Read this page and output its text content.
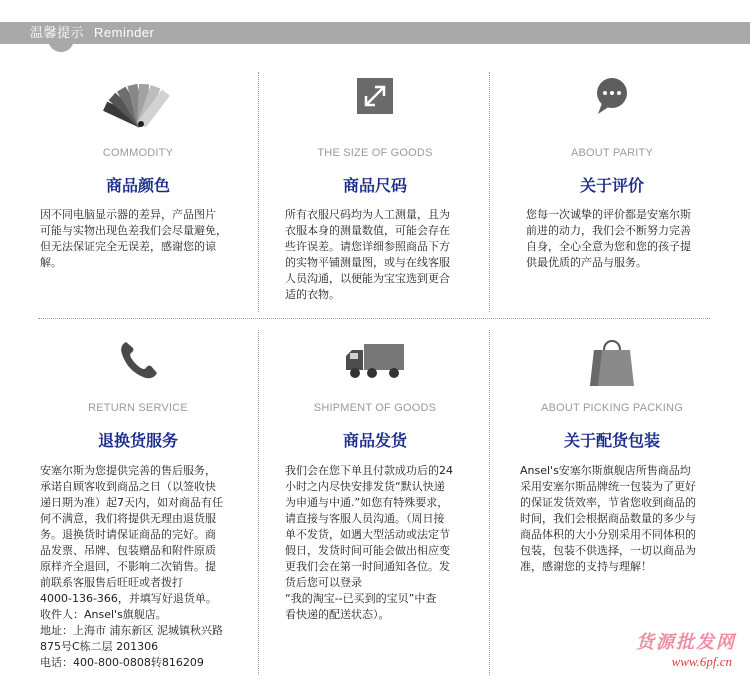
温馨提示 Reminder
COMMODITY
商品颜色
因不同电脑显示器的差异，产品图片
可能与实物出现色差我们会尽量避免，
但无法保证完全无误差，感谢您的谅
解。
THE SIZE OF GOODS
商品尺码
所有衣服尺码均为人工测量，且为
衣服本身的测量数值，可能会存在
些许误差。请您详细参照商品下方
的实物平铺测量图，或与在线客服
人员沟通，以便能为宝宝选到更合
适的衣物。
ABOUT PARITY
关于评价
您每一次诚挚的评价都是安塞尔斯
前进的动力，我们会不断努力完善
自身，全心全意为您和您的孩子提
供最优质的产品与服务。
RETURN SERVICE
退换货服务
安塞尔斯为您提供完善的售后服务，
承诺自顾客收到商品之日（以签收快
递日期为准）起7天内，如对商品有任
何不满意，我们将提供无理由退货服
务。退换货时请保证商品的完好。商
品发票、吊牌、包装赠品和附件原质
原样齐全退回，不影响二次销售。提
前联系客服售后旺旺或者拨打
4000-136-366，并填写好退货单。
收件人：Ansel's旗舰店。
地址：上海市 浦东新区 泥城镇秋兴路
875号C栋二层 201306
电话：400-800-0808转816209
SHIPMENT OF GOODS
商品发货
我们会在您下单且付款成功后的24
小时之内尽快安排发货“默认快递
为申通与中通.”如您有特殊要求，
请直接与客服人员沟通。（周日接
单不发货，如遇大型活动或法定节
假日，发货时间可能会做出相应变
更我们会在第一时间通知各位。发
货后您可以登录
“我的淘宝--已买到的宝贝”中查
看快递的配送状态）。
ABOUT PICKING PACKING
关于配货包装
Ansel's安塞尔斯旗舰店所售商品均
采用安塞尔斯品牌统一包装为了更好
的保证发货效率，节省您收到商品的
时间，我们会根据商品数量的多少与
商品体积的大小分别采用不同体积的
包装，包装不供选择，一切以商品为
准，感谢您的支持与理解！
货源批发网
www.6pf.cn
